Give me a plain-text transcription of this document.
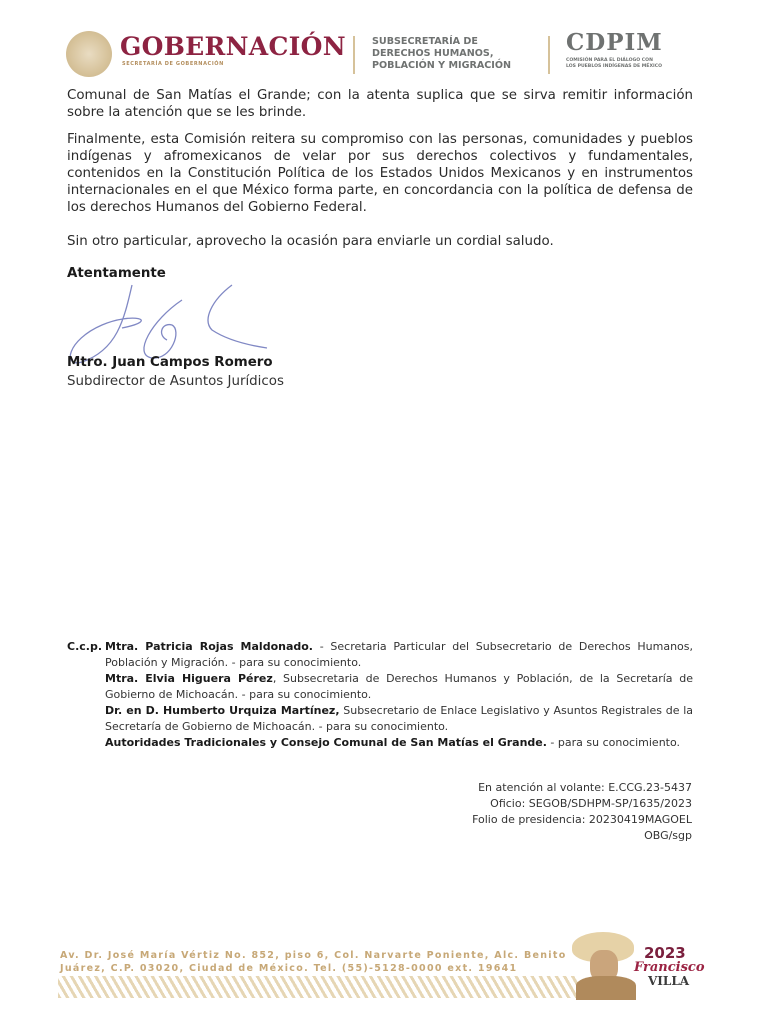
GOBERNACIÓN
SECRETARÍA DE GOBERNACIÓN
SUBSECRETARÍA DE
DERECHOS HUMANOS,
POBLACIÓN Y MIGRACIÓN
CDPIM
COMISIÓN PARA EL DIÁLOGO CON
LOS PUEBLOS INDÍGENAS DE MÉXICO
Comunal de San Matías el Grande; con la atenta suplica que se sirva remitir información sobre la atención que se les brinde.
Finalmente, esta Comisión reitera su compromiso con las personas, comunidades y pueblos indígenas y afromexicanos de velar por sus derechos colectivos y fundamentales, contenidos en la Constitución Política de los Estados Unidos Mexicanos y en instrumentos internacionales en el que México forma parte, en concordancia con la política de defensa de los derechos Humanos del Gobierno Federal.
Sin otro particular, aprovecho la ocasión para enviarle un cordial saludo.
Atentamente
Mtro. Juan Campos Romero
Subdirector de Asuntos Jurídicos
C.c.p. Mtra. Patricia Rojas Maldonado. - Secretaria Particular del Subsecretario de Derechos Humanos, Población y Migración. - para su conocimiento.
Mtra. Elvia Higuera Pérez, Subsecretaria de Derechos Humanos y Población, de la Secretaría de Gobierno de Michoacán. - para su conocimiento.
Dr. en D. Humberto Urquiza Martínez, Subsecretario de Enlace Legislativo y Asuntos Registrales de la Secretaría de Gobierno de Michoacán. - para su conocimiento.
Autoridades Tradicionales y Consejo Comunal de San Matías el Grande. - para su conocimiento.
En atención al volante: E.CCG.23-5437
Oficio: SEGOB/SDHPM-SP/1635/2023
Folio de presidencia: 20230419MAGOEL
OBG/sgp
Av. Dr. José María Vértiz No. 852, piso 6, Col. Narvarte Poniente, Alc. Benito
Juárez, C.P. 03020, Ciudad de México. Tel. (55)-5128-0000 ext. 19641
2023
Francisco
VILLA
